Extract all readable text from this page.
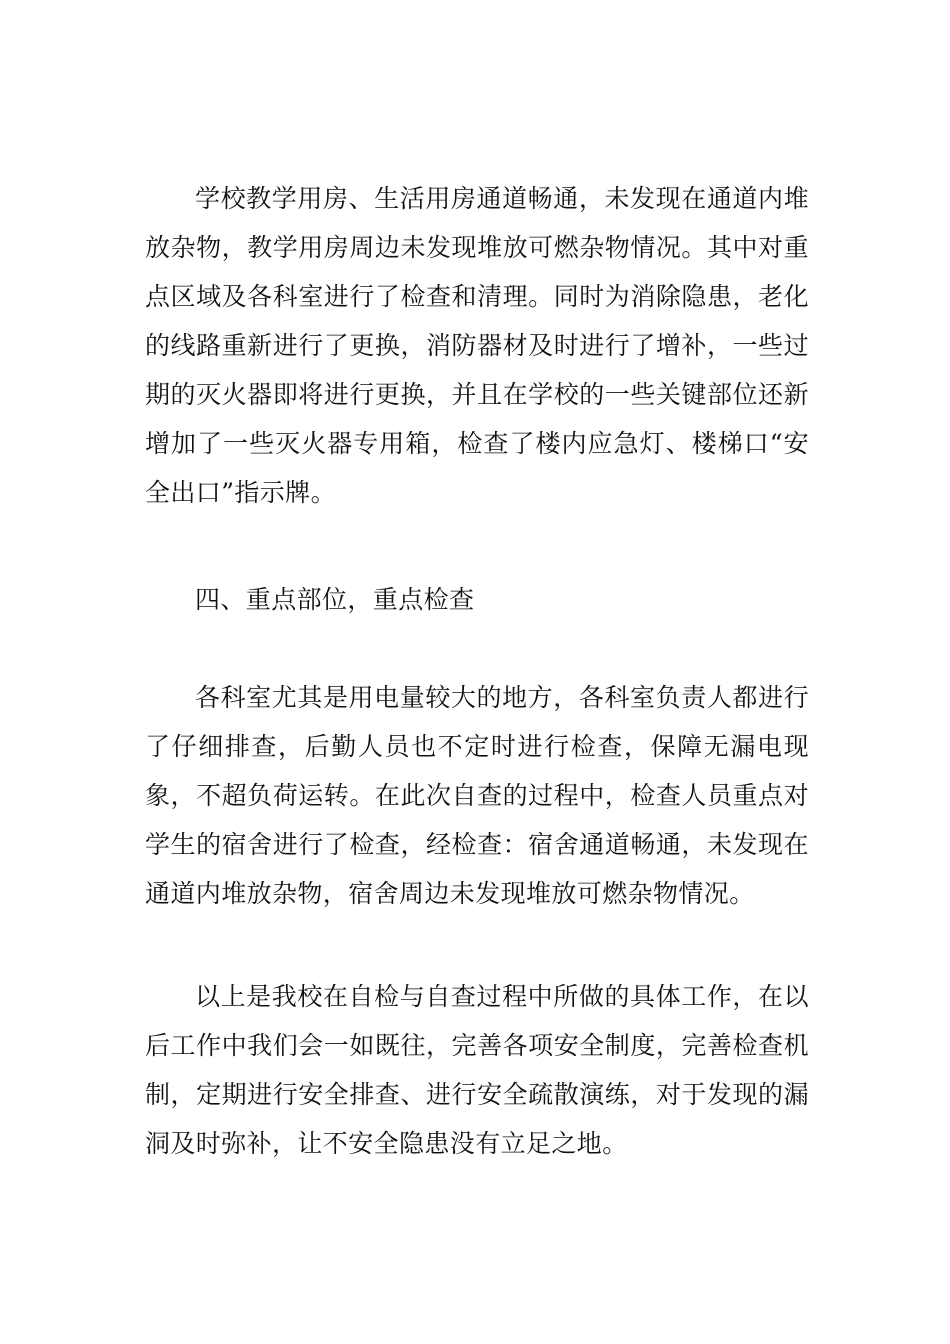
学校教学用房、生活用房通道畅通，未发现在通道内堆放杂物，教学用房周边未发现堆放可燃杂物情况。其中对重点区域及各科室进行了检查和清理。同时为消除隐患，老化的线路重新进行了更换，消防器材及时进行了增补，一些过期的灭火器即将进行更换，并且在学校的一些关键部位还新增加了一些灭火器专用箱，检查了楼内应急灯、楼梯口“安全出口”指示牌。

四、重点部位，重点检查

各科室尤其是用电量较大的地方，各科室负责人都进行了仔细排查，后勤人员也不定时进行检查，保障无漏电现象，不超负荷运转。在此次自查的过程中，检查人员重点对学生的宿舍进行了检查，经检查：宿舍通道畅通，未发现在通道内堆放杂物，宿舍周边未发现堆放可燃杂物情况。

以上是我校在自检与自查过程中所做的具体工作，在以后工作中我们会一如既往，完善各项安全制度，完善检查机制，定期进行安全排查、进行安全疏散演练，对于发现的漏洞及时弥补，让不安全隐患没有立足之地。
